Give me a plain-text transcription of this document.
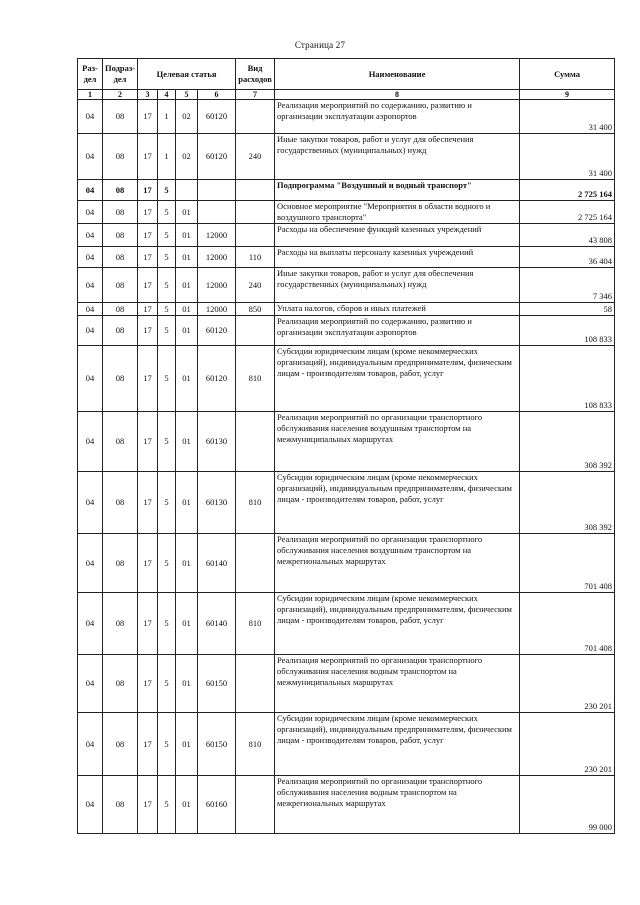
Страница 27
Раз-дел	Подраз-дел	Целевая статья				Вид расходов	Наименование	Сумма
1	2	3	4	5	6	7	8	9
04	08	17	1	02	60120		Реализация мероприятий по содержанию, развитию и организации эксплуатации аэропортов	31 400
04	08	17	1	02	60120	240	Иные закупки товаров, работ и услуг для обеспечения государственных (муниципальных) нужд	31 400
04	08	17	5				Подпрограмма "Воздушный и водный транспорт"	2 725 164
04	08	17	5	01			Основное мероприятие "Мероприятия в области водного и воздушного транспорта"	2 725 164
04	08	17	5	01	12000		Расходы на обеспечение функций казенных учреждений	43 808
04	08	17	5	01	12000	110	Расходы на выплаты персоналу казенных учреждений	36 404
04	08	17	5	01	12000	240	Иные закупки товаров, работ и услуг для обеспечения государственных (муниципальных) нужд	7 346
04	08	17	5	01	12000	850	Уплата налогов, сборов и иных платежей	58
04	08	17	5	01	60120		Реализация мероприятий по содержанию, развитию и организации эксплуатации аэропортов	108 833
04	08	17	5	01	60120	810	Субсидии юридическим лицам (кроме некоммерческих организаций), индивидуальным предпринимателям, физическим лицам - производителям товаров, работ, услуг	108 833
04	08	17	5	01	60130		Реализация мероприятий по организации транспортного обслуживания населения воздушным транспортом на межмуниципальных маршрутах	308 392
04	08	17	5	01	60130	810	Субсидии юридическим лицам (кроме некоммерческих организаций), индивидуальным предпринимателям, физическим лицам - производителям товаров, работ, услуг	308 392
04	08	17	5	01	60140		Реализация мероприятий по организации транспортного обслуживания населения воздушным транспортом на межрегиональных маршрутах	701 408
04	08	17	5	01	60140	810	Субсидии юридическим лицам (кроме некоммерческих организаций), индивидуальным предпринимателям, физическим лицам - производителям товаров, работ, услуг	701 408
04	08	17	5	01	60150		Реализация мероприятий по организации транспортного обслуживания населения водным транспортом на межмуниципальных маршрутах	230 201
04	08	17	5	01	60150	810	Субсидии юридическим лицам (кроме некоммерческих организаций), индивидуальным предпринимателям, физическим лицам - производителям товаров, работ, услуг	230 201
04	08	17	5	01	60160		Реализация мероприятий по организации транспортного обслуживания населения водным транспортом на межрегиональных маршрутах	99 000
